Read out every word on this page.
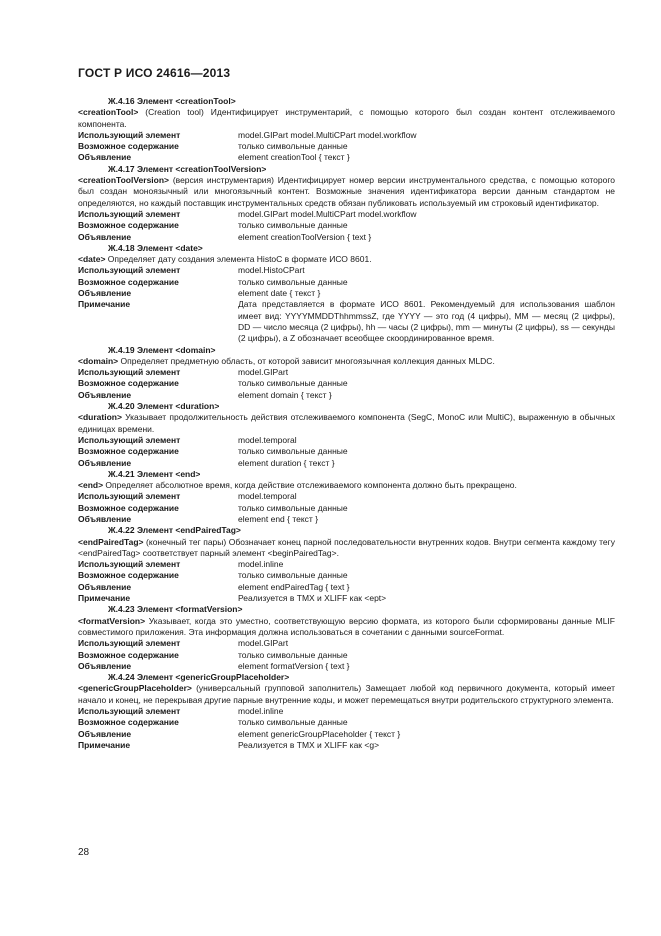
ГОСТ Р ИСО 24616—2013
Ж.4.16 Элемент <creationTool>
<creationTool> (Creation tool) Идентифицирует инструментарий, с помощью которого был создан контент отслеживаемого компонента.
Использующий элемент	model.GIPart model.MultiCPart model.workflow
Возможное содержание	только символьные данные
Объявление	element creationTool { текст }
Ж.4.17 Элемент <creationToolVersion>
<creationToolVersion> (версия инструментария) Идентифицирует номер версии инструментального средства, с помощью которого был создан моноязычный или многоязычный контент. Возможные значения идентификатора версии данным стандартом не определяются, но каждый поставщик инструментальных средств обязан публиковать используемый им строковый идентификатор.
Использующий элемент	model.GIPart model.MultiCPart model.workflow
Возможное содержание	только символьные данные
Объявление	element creationToolVersion { text }
Ж.4.18 Элемент <date>
<date> Определяет дату создания элемента HistoC в формате ИСО 8601.
Использующий элемент	model.HistoCPart
Возможное содержание	только символьные данные
Объявление	element date { текст }
Примечание	Дата представляется в формате ИСО 8601. Рекомендуемый для использования шаблон имеет вид: YYYYMMDDThhmmssZ, где YYYY — это год (4 цифры), MM — месяц (2 цифры), DD — число месяца (2 цифры), hh — часы (2 цифры), mm — минуты (2 цифры), ss — секунды (2 цифры), а Z обозначает всеобщее скоординированное время.
Ж.4.19 Элемент <domain>
<domain> Определяет предметную область, от которой зависит многоязычная коллекция данных MLDC.
Использующий элемент	model.GIPart
Возможное содержание	только символьные данные
Объявление	element domain { текст }
Ж.4.20 Элемент <duration>
<duration> Указывает продолжительность действия отслеживаемого компонента (SegC, MonoC или MultiC), выраженную в обычных единицах времени.
Использующий элемент	model.temporal
Возможное содержание	только символьные данные
Объявление	element duration { текст }
Ж.4.21 Элемент <end>
<end> Определяет абсолютное время, когда действие отслеживаемого компонента должно быть прекращено.
Использующий элемент	model.temporal
Возможное содержание	только символьные данные
Объявление	element end { текст }
Ж.4.22 Элемент <endPairedTag>
<endPairedTag> (конечный тег пары) Обозначает конец парной последовательности внутренних кодов. Внутри сегмента каждому тегу <endPairedTag> соответствует парный элемент <beginPairedTag>.
Использующий элемент	model.inline
Возможное содержание	только символьные данные
Объявление	element endPairedTag { text }
Примечание	Реализуется в TMX и XLIFF как <ept>
Ж.4.23 Элемент <formatVersion>
<formatVersion> Указывает, когда это уместно, соответствующую версию формата, из которого были сформированы данные MLIF совместимого приложения. Эта информация должна использоваться в сочетании с данными sourceFormat.
Использующий элемент	model.GIPart
Возможное содержание	только символьные данные
Объявление	element formatVersion { text }
Ж.4.24 Элемент <genericGroupPlaceholder>
<genericGroupPlaceholder> (универсальный групповой заполнитель) Замещает любой код первичного документа, который имеет начало и конец, не перекрывая другие парные внутренние коды, и может перемещаться внутри родительского структурного элемента.
Использующий элемент	model.inline
Возможное содержание	только символьные данные
Объявление	element genericGroupPlaceholder { текст }
Примечание	Реализуется в TMX и XLIFF как <g>
28
